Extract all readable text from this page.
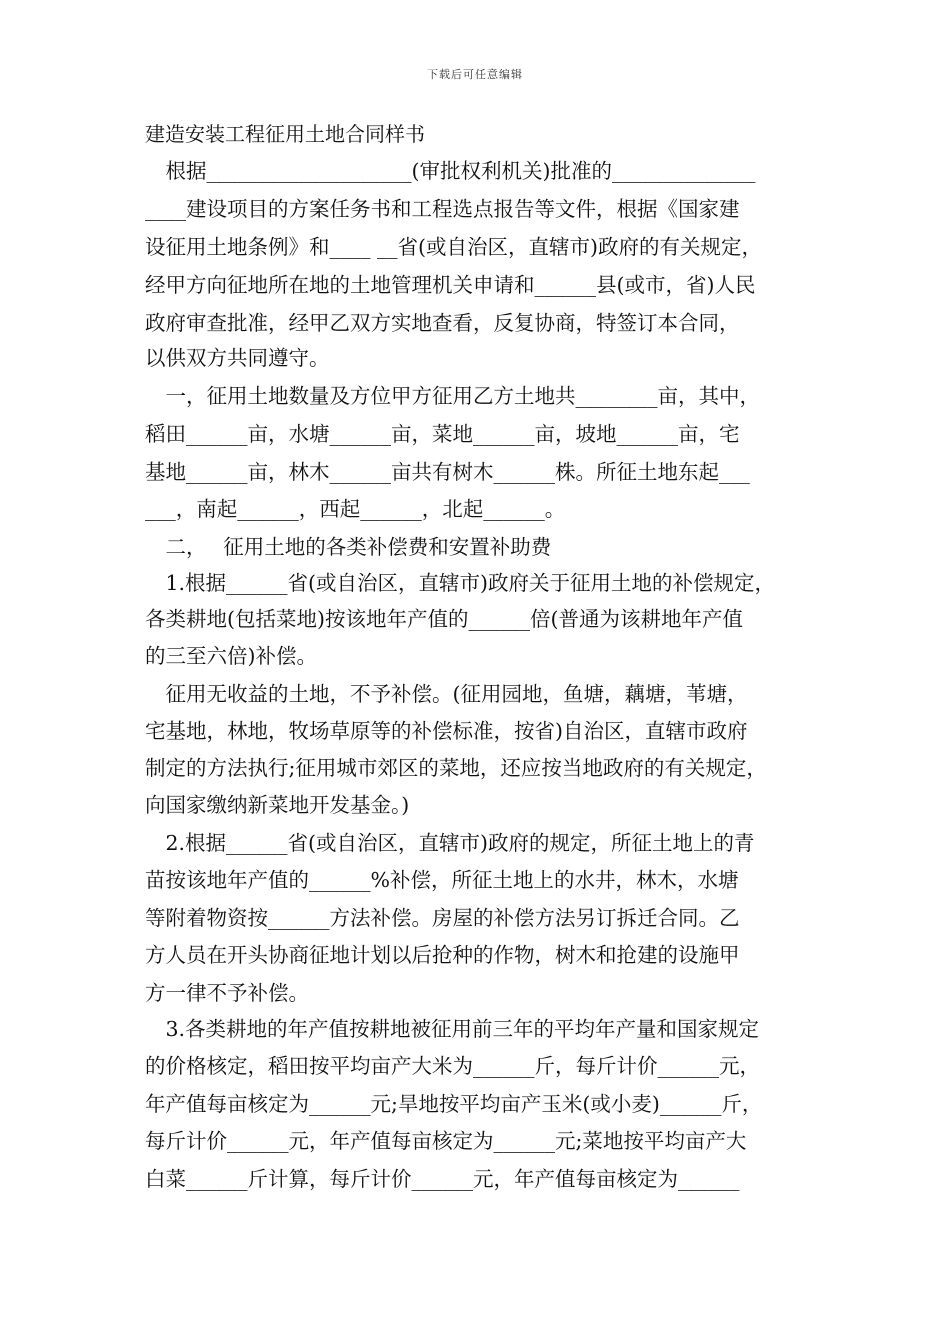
下载后可任意编辑
建造安装工程征用土地合同样书
　根据____________________(审批权利机关)批准的______________
____建设项目的方案任务书和工程选点报告等文件，根据《国家建
设征用土地条例》和____ __省(或自治区，直辖市)政府的有关规定，
经甲方向征地所在地的土地管理机关申请和______县(或市，省)人民
政府审查批准，经甲乙双方实地查看，反复协商，特签订本合同，
以供双方共同遵守。
　一，征用土地数量及方位甲方征用乙方土地共________亩，其中，
稻田______亩，水塘______亩，菜地______亩，坡地______亩，宅
基地______亩，林木______亩共有树木______株。所征土地东起___
___，南起______，西起______，北起______。
　二，　 征用土地的各类补偿费和安置补助费
　1.根据______省(或自治区，直辖市)政府关于征用土地的补偿规定，
各类耕地(包括菜地)按该地年产值的______倍(普通为该耕地年产值
的三至六倍)补偿。
　征用无收益的土地，不予补偿。(征用园地，鱼塘，藕塘，苇塘，
宅基地，林地，牧场草原等的补偿标准，按省)自治区，直辖市政府
制定的方法执行;征用城市郊区的菜地，还应按当地政府的有关规定，
向国家缴纳新菜地开发基金。)
　2.根据______省(或自治区，直辖市)政府的规定，所征土地上的青
苗按该地年产值的______%补偿，所征土地上的水井，林木，水塘
等附着物资按______方法补偿。房屋的补偿方法另订拆迁合同。乙
方人员在开头协商征地计划以后抢种的作物，树木和抢建的设施甲
方一律不予补偿。
　3.各类耕地的年产值按耕地被征用前三年的平均年产量和国家规定
的价格核定，稻田按平均亩产大米为______斤，每斤计价______元，
年产值每亩核定为______元;旱地按平均亩产玉米(或小麦)______斤，
每斤计价______元，年产值每亩核定为______元;菜地按平均亩产大
白菜______斤计算，每斤计价______元，年产值每亩核定为______
